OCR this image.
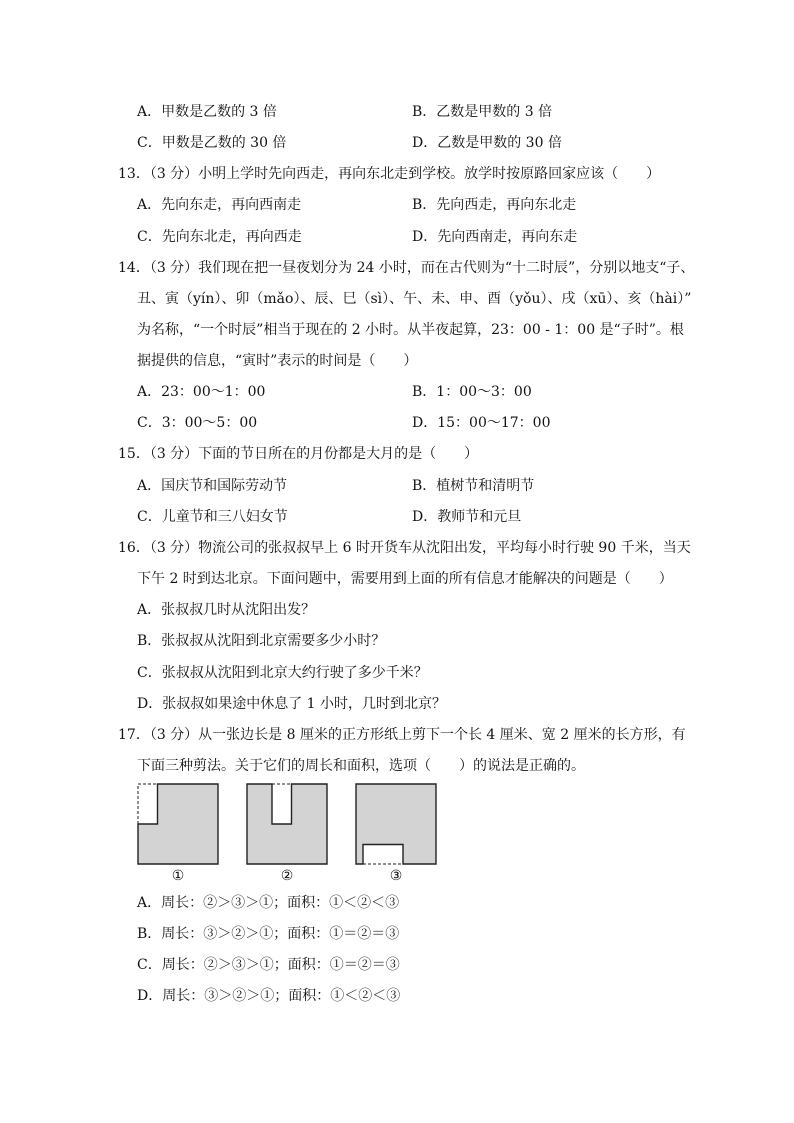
A．甲数是乙数的 3 倍	B．乙数是甲数的 3 倍
C．甲数是乙数的 30 倍	D．乙数是甲数的 30 倍
13．（3 分）小明上学时先向西走，再向东北走到学校。放学时按原路回家应该（　　）
A．先向东走，再向西南走	B．先向西走，再向东北走
C．先向东北走，再向西走	D．先向西南走，再向东走
14．（3 分）我们现在把一昼夜划分为 24 小时，而在古代则为“十二时辰”，分别以地支“子、
丑、寅（yín）、卯（mǎo）、辰、巳（sì）、午、未、申、酉（yǒu）、戌（xū）、亥（hài）”
为名称，“一个时辰”相当于现在的 2 小时。从半夜起算，23：00 - 1：00 是“子时”。根
据提供的信息，“寅时”表示的时间是（　　）
A．23：00～1：00	B．1：00～3：00
C．3：00～5：00	D．15：00～17：00
15．（3 分）下面的节日所在的月份都是大月的是（　　）
A．国庆节和国际劳动节	B．植树节和清明节
C．儿童节和三八妇女节	D．教师节和元旦
16．（3 分）物流公司的张叔叔早上 6 时开货车从沈阳出发，平均每小时行驶 90 千米，当天
下午 2 时到达北京。下面问题中，需要用到上面的所有信息才能解决的问题是（　　）
A．张叔叔几时从沈阳出发？
B．张叔叔从沈阳到北京需要多少小时？
C．张叔叔从沈阳到北京大约行驶了多少千米？
D．张叔叔如果途中休息了 1 小时，几时到北京？
17．（3 分）从一张边长是 8 厘米的正方形纸上剪下一个长 4 厘米、宽 2 厘米的长方形，有
下面三种剪法。关于它们的周长和面积，选项（　　）的说法是正确的。
①	②	③
A．周长：②＞③＞①；面积：①＜②＜③
B．周长：③＞②＞①；面积：①＝②＝③
C．周长：②＞③＞①；面积：①＝②＝③
D．周长：③＞②＞①；面积：①＜②＜③
